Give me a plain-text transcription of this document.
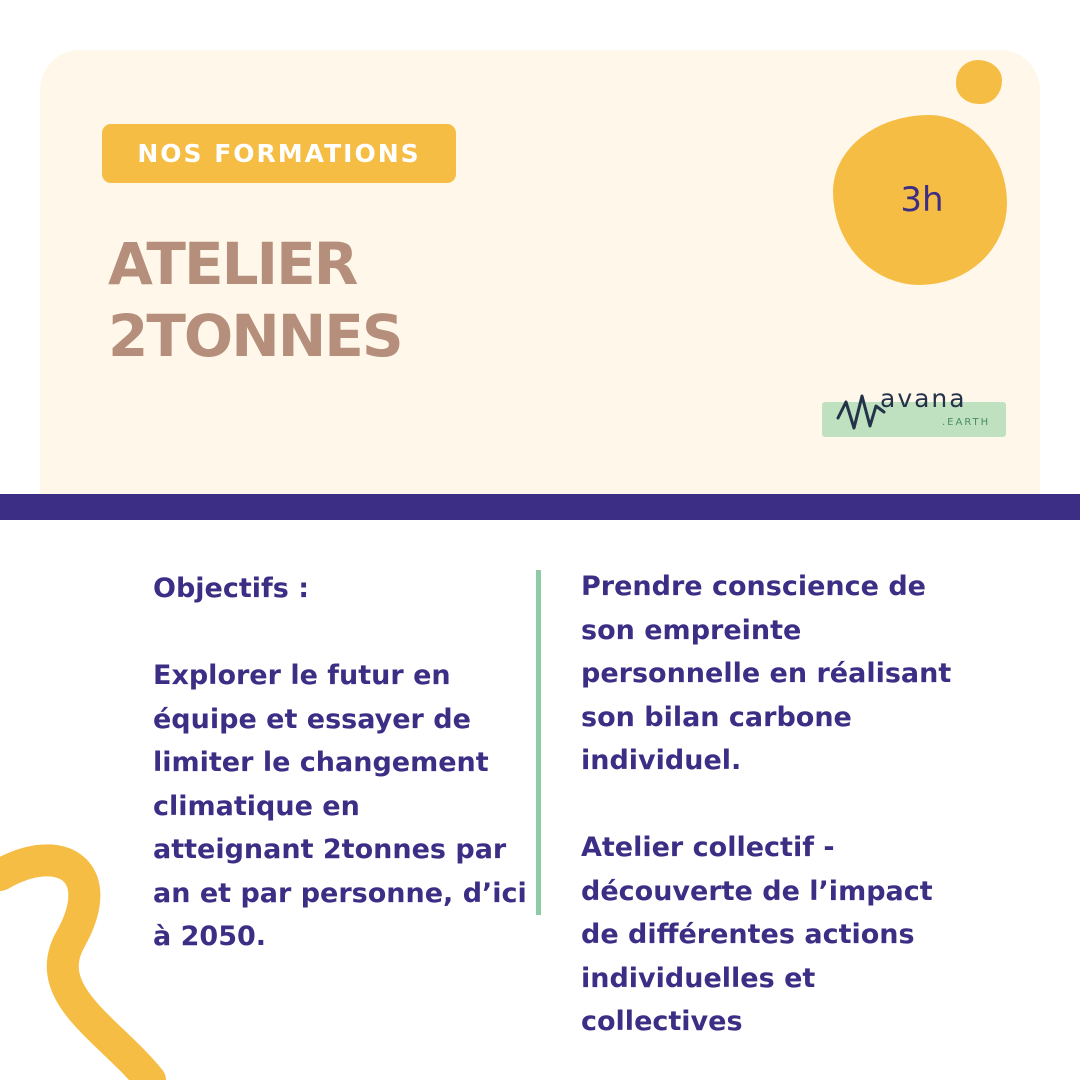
NOS FORMATIONS
ATELIER
2TONNES
3h
avana
.EARTH
Objectifs :
Explorer le futur en équipe et essayer de limiter le changement climatique en atteignant 2tonnes par an et par personne, d’ici à 2050.
Prendre conscience de son empreinte personnelle en réalisant son bilan carbone individuel.
Atelier collectif - découverte de l’impact de différentes actions individuelles et collectives
